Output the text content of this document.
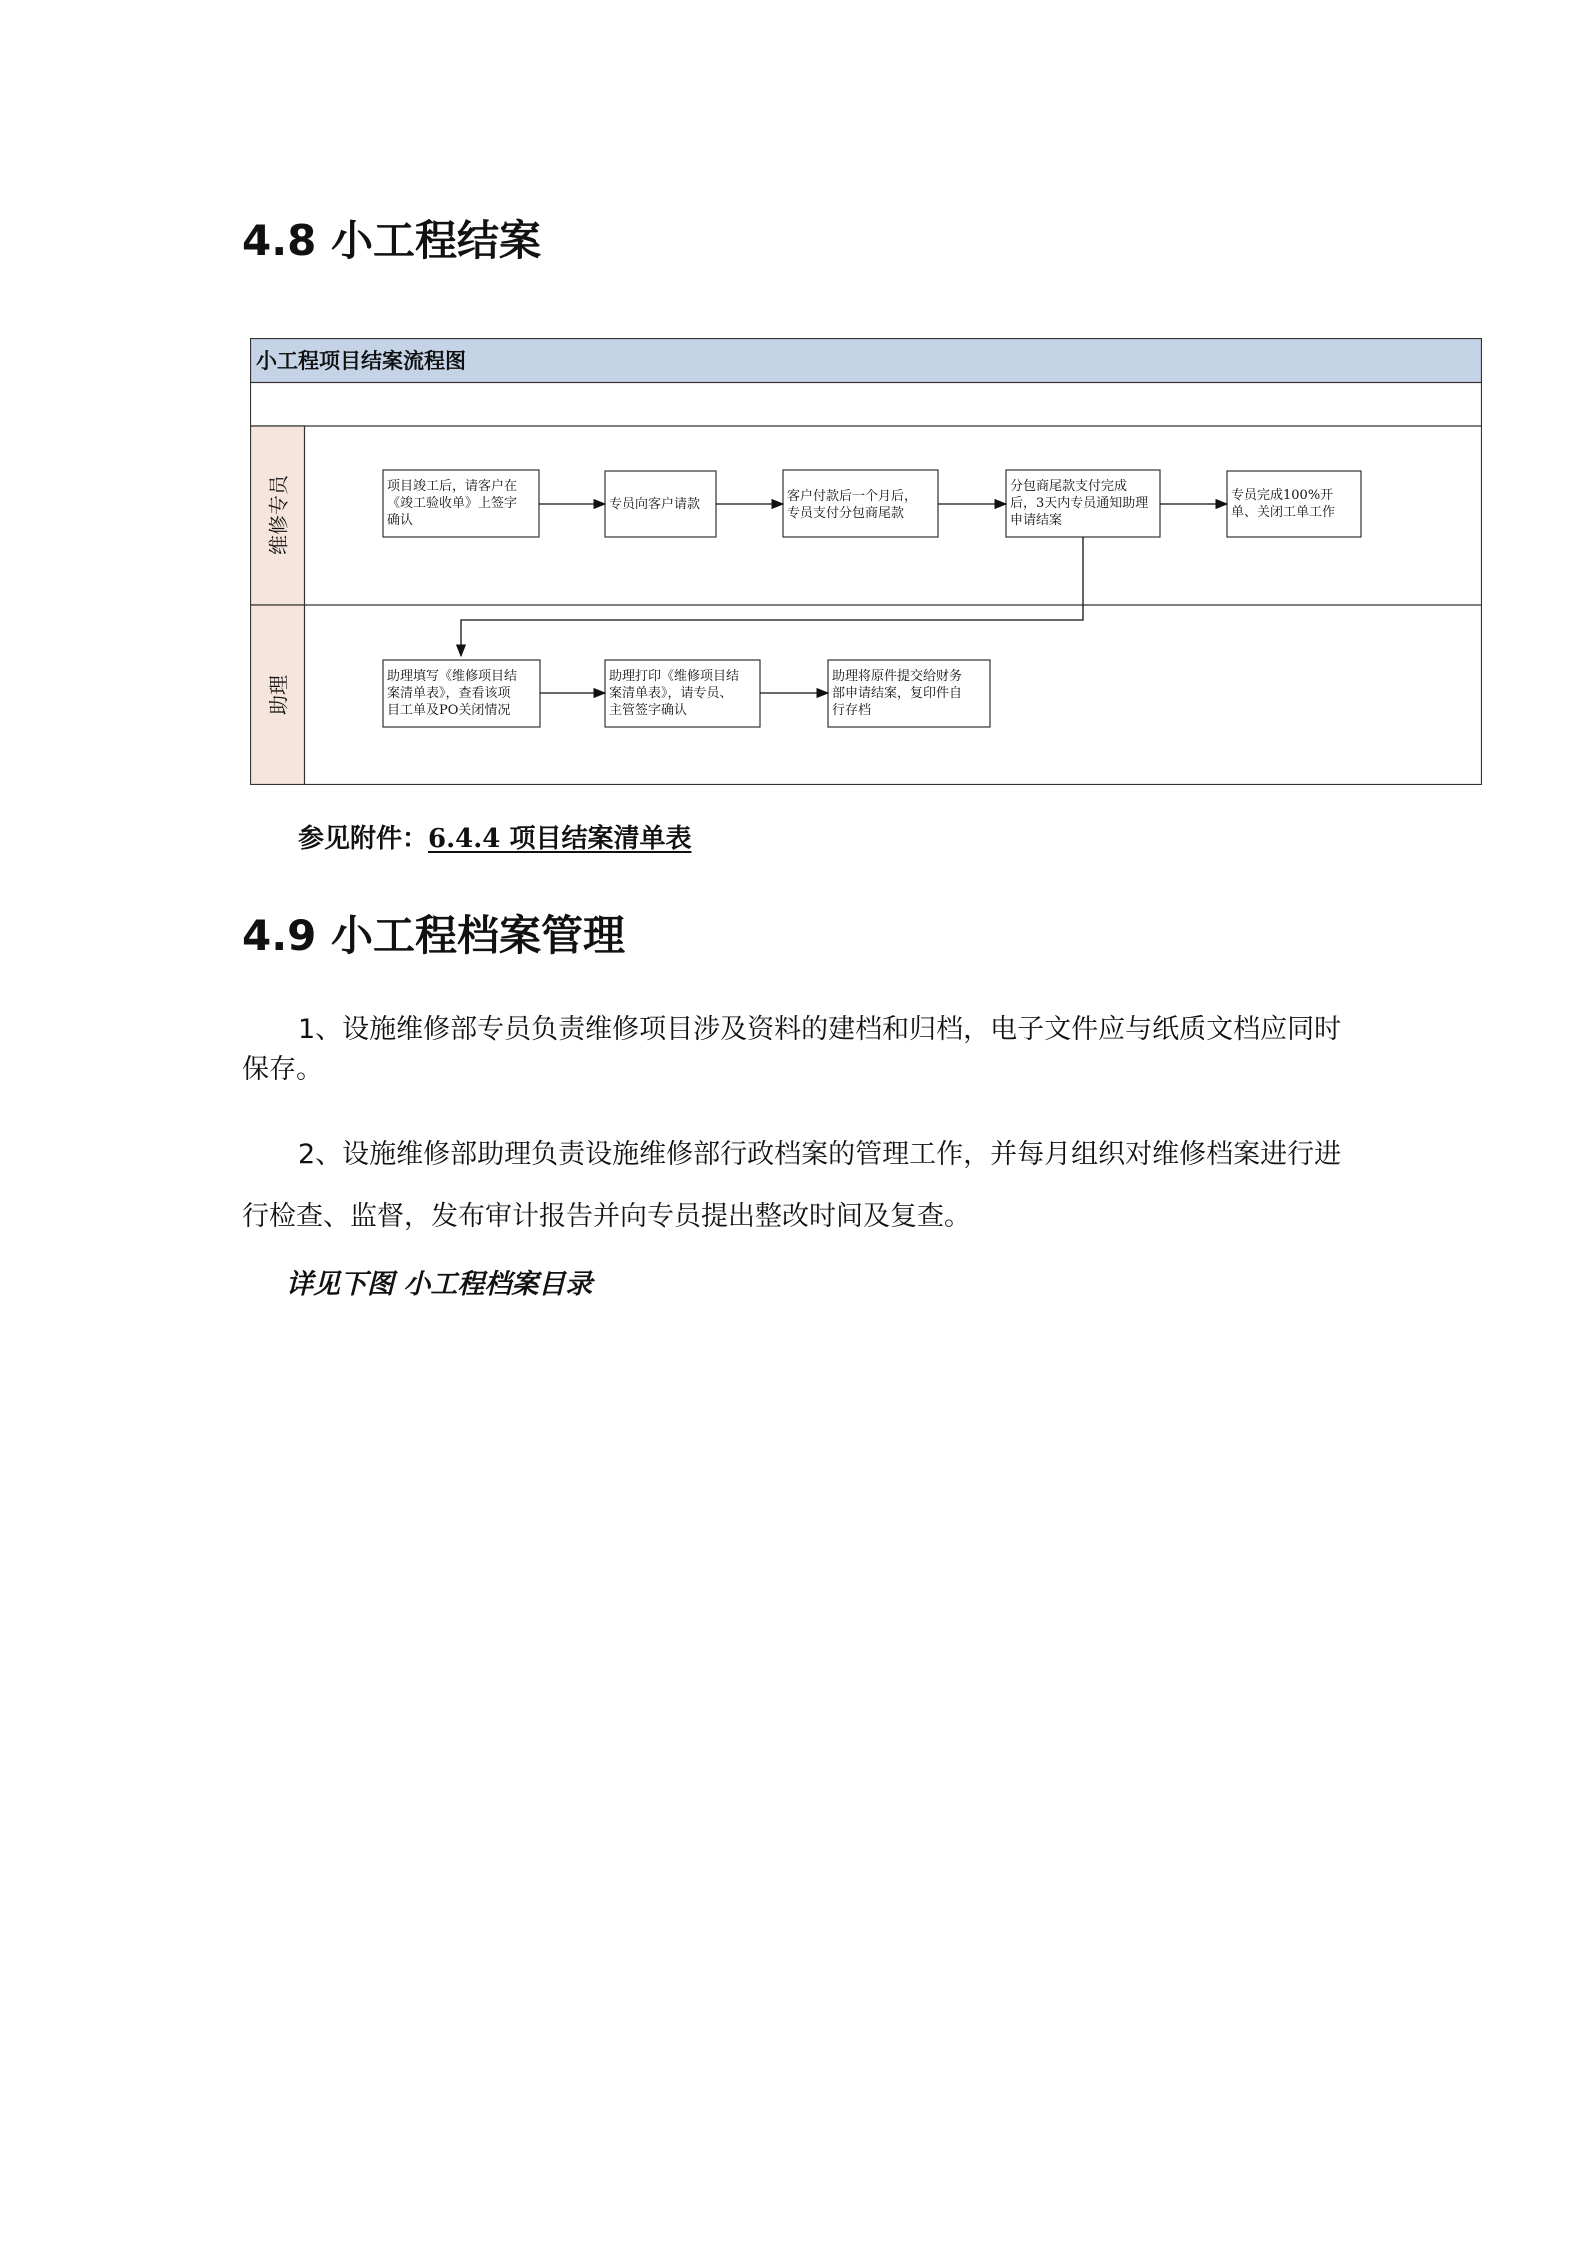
4.8 小工程结案
小工程项目结案流程图
维修专员
助理
项目竣工后，请客户在《竣工验收单》上签字确认
专员向客户请款
客户付款后一个月后，专员支付分包商尾款
分包商尾款支付完成后，3天内专员通知助理申请结案
专员完成100%开单、关闭工单工作
助理填写《维修项目结案清单表》，查看该项目工单及PO关闭情况
助理打印《维修项目结案清单表》，请专员、主管签字确认
助理将原件提交给财务部申请结案，复印件自行存档
参见附件：6.4.4 项目结案清单表
4.9 小工程档案管理
1、设施维修部专员负责维修项目涉及资料的建档和归档，电子文件应与纸质文档应同时保存。
2、设施维修部助理负责设施维修部行政档案的管理工作，并每月组织对维修档案进行进行检查、监督，发布审计报告并向专员提出整改时间及复查。
详见下图 小工程档案目录
